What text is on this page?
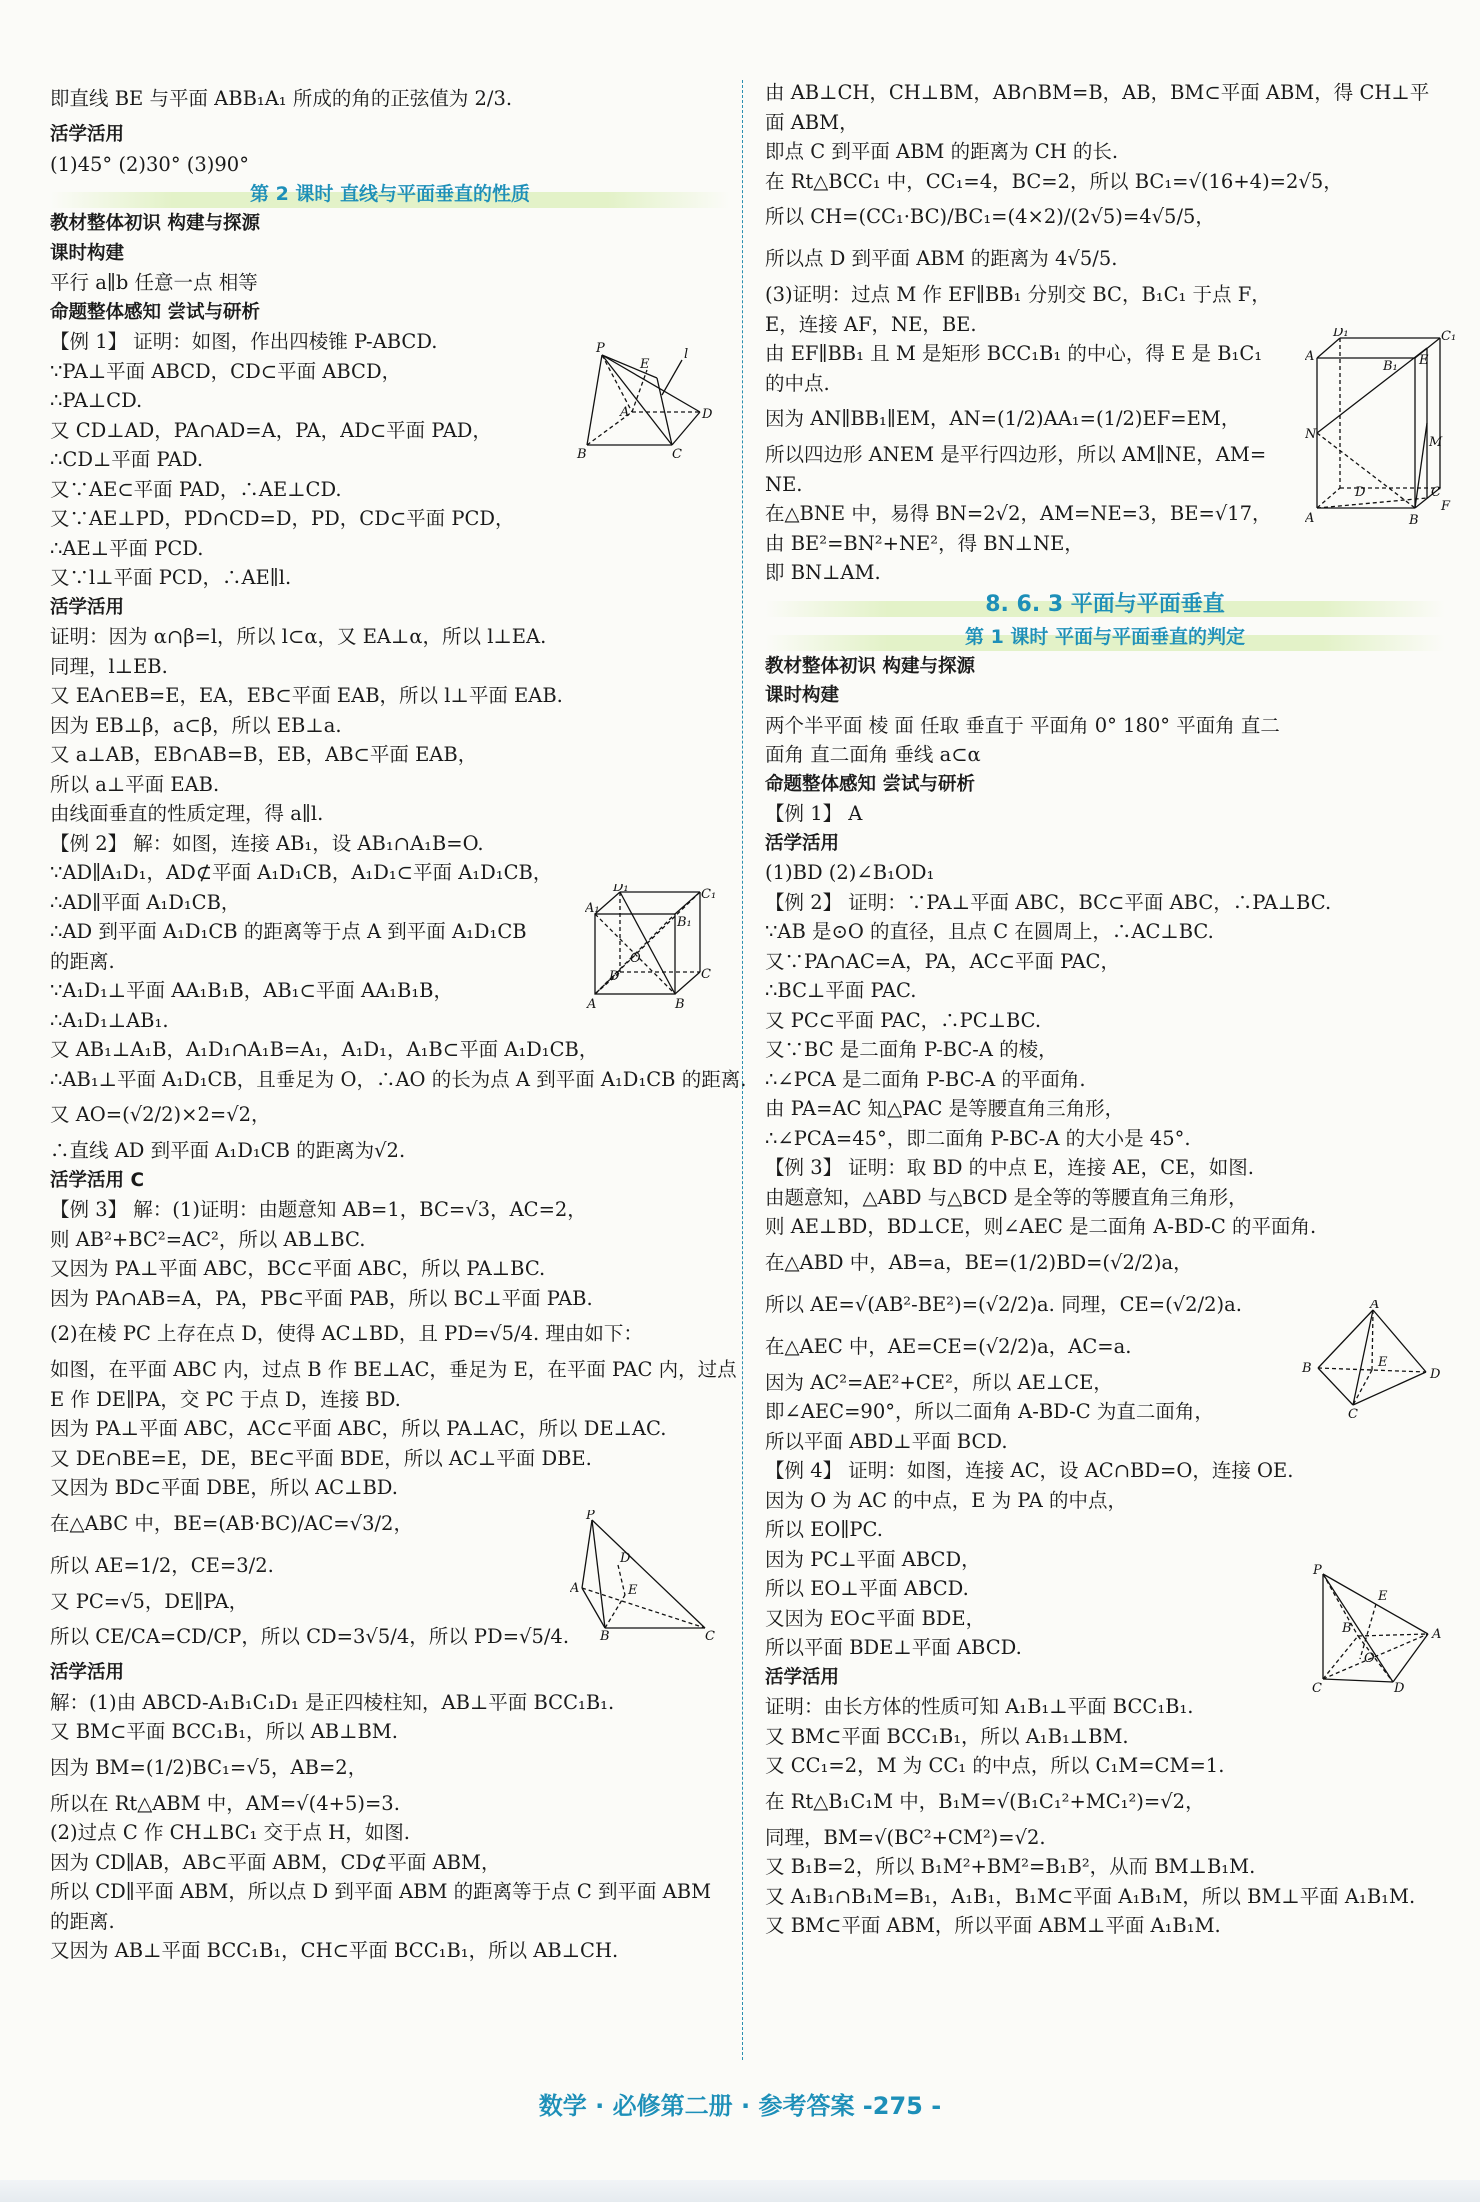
即直线 BE 与平面 ABB₁A₁ 所成的角的正弦值为 2/3.
活学活用
(1)45° (2)30° (3)90°
第 2 课时 直线与平面垂直的性质
教材整体初识 构建与探源
课时构建
平行 a∥b 任意一点 相等
命题整体感知 尝试与研析
【例 1】 证明：如图，作出四棱锥 P-ABCD.
∵PA⊥平面 ABCD，CD⊂平面 ABCD，
∴PA⊥CD.
又 CD⊥AD，PA∩AD=A，PA，AD⊂平面 PAD，
∴CD⊥平面 PAD.
又∵AE⊂平面 PAD，∴AE⊥CD.
又∵AE⊥PD，PD∩CD=D，PD，CD⊂平面 PCD，
∴AE⊥平面 PCD.
又∵l⊥平面 PCD，∴AE∥l.
活学活用
证明：因为 α∩β=l，所以 l⊂α，又 EA⊥α，所以 l⊥EA.
同理，l⊥EB.
又 EA∩EB=E，EA，EB⊂平面 EAB，所以 l⊥平面 EAB.
因为 EB⊥β，a⊂β，所以 EB⊥a.
又 a⊥AB，EB∩AB=B，EB，AB⊂平面 EAB，
所以 a⊥平面 EAB.
由线面垂直的性质定理，得 a∥l.
【例 2】 解：如图，连接 AB₁，设 AB₁∩A₁B=O.
∵AD∥A₁D₁，AD⊄平面 A₁D₁CB，A₁D₁⊂平面 A₁D₁CB，
∴AD∥平面 A₁D₁CB，
∴AD 到平面 A₁D₁CB 的距离等于点 A 到平面 A₁D₁CB
的距离.
∵A₁D₁⊥平面 AA₁B₁B，AB₁⊂平面 AA₁B₁B，
∴A₁D₁⊥AB₁.
又 AB₁⊥A₁B，A₁D₁∩A₁B=A₁，A₁D₁，A₁B⊂平面 A₁D₁CB，
∴AB₁⊥平面 A₁D₁CB，且垂足为 O，∴AO 的长为点 A 到平面 A₁D₁CB 的距离.
又 AO=(√2/2)×2=√2，
∴直线 AD 到平面 A₁D₁CB 的距离为√2.
活学活用 C
【例 3】 解：(1)证明：由题意知 AB=1，BC=√3，AC=2，
则 AB²+BC²=AC²，所以 AB⊥BC.
又因为 PA⊥平面 ABC，BC⊂平面 ABC，所以 PA⊥BC.
因为 PA∩AB=A，PA，PB⊂平面 PAB，所以 BC⊥平面 PAB.
(2)在棱 PC 上存在点 D，使得 AC⊥BD，且 PD=√5/4. 理由如下：
如图，在平面 ABC 内，过点 B 作 BE⊥AC，垂足为 E，在平面 PAC 内，过点
E 作 DE∥PA，交 PC 于点 D，连接 BD.
因为 PA⊥平面 ABC，AC⊂平面 ABC，所以 PA⊥AC，所以 DE⊥AC.
又 DE∩BE=E，DE，BE⊂平面 BDE，所以 AC⊥平面 DBE.
又因为 BD⊂平面 DBE，所以 AC⊥BD.
在△ABC 中，BE=(AB·BC)/AC=√3/2，
所以 AE=1/2，CE=3/2.
又 PC=√5，DE∥PA，
所以 CE/CA=CD/CP，所以 CD=3√5/4，所以 PD=√5/4.
活学活用
解：(1)由 ABCD-A₁B₁C₁D₁ 是正四棱柱知，AB⊥平面 BCC₁B₁.
又 BM⊂平面 BCC₁B₁，所以 AB⊥BM.
因为 BM=(1/2)BC₁=√5，AB=2，
所以在 Rt△ABM 中，AM=√(4+5)=3.
(2)过点 C 作 CH⊥BC₁ 交于点 H，如图.
因为 CD∥AB，AB⊂平面 ABM，CD⊄平面 ABM，
所以 CD∥平面 ABM，所以点 D 到平面 ABM 的距离等于点 C 到平面 ABM
的距离.
又因为 AB⊥平面 BCC₁B₁，CH⊂平面 BCC₁B₁，所以 AB⊥CH.
由 AB⊥CH，CH⊥BM，AB∩BM=B，AB，BM⊂平面 ABM，得 CH⊥平
面 ABM，
即点 C 到平面 ABM 的距离为 CH 的长.
在 Rt△BCC₁ 中，CC₁=4，BC=2，所以 BC₁=√(16+4)=2√5，
所以 CH=(CC₁·BC)/BC₁=(4×2)/(2√5)=4√5/5，
所以点 D 到平面 ABM 的距离为 4√5/5.
(3)证明：过点 M 作 EF∥BB₁ 分别交 BC，B₁C₁ 于点 F，
E，连接 AF，NE，BE.
由 EF∥BB₁ 且 M 是矩形 BCC₁B₁ 的中心，得 E 是 B₁C₁
的中点.
因为 AN∥BB₁∥EM，AN=(1/2)AA₁=(1/2)EF=EM，
所以四边形 ANEM 是平行四边形，所以 AM∥NE，AM=
NE.
在△BNE 中，易得 BN=2√2，AM=NE=3，BE=√17，
由 BE²=BN²+NE²，得 BN⊥NE，
即 BN⊥AM.
8. 6. 3 平面与平面垂直
第 1 课时 平面与平面垂直的判定
教材整体初识 构建与探源
课时构建
两个半平面 棱 面 任取 垂直于 平面角 0° 180° 平面角 直二
面角 直二面角 垂线 a⊂α
命题整体感知 尝试与研析
【例 1】 A
活学活用
(1)BD (2)∠B₁OD₁
【例 2】 证明：∵PA⊥平面 ABC，BC⊂平面 ABC，∴PA⊥BC.
∵AB 是⊙O 的直径，且点 C 在圆周上，∴AC⊥BC.
又∵PA∩AC=A，PA，AC⊂平面 PAC，
∴BC⊥平面 PAC.
又 PC⊂平面 PAC，∴PC⊥BC.
又∵BC 是二面角 P-BC-A 的棱，
∴∠PCA 是二面角 P-BC-A 的平面角.
由 PA=AC 知△PAC 是等腰直角三角形，
∴∠PCA=45°，即二面角 P-BC-A 的大小是 45°.
【例 3】 证明：取 BD 的中点 E，连接 AE，CE，如图.
由题意知，△ABD 与△BCD 是全等的等腰直角三角形，
则 AE⊥BD，BD⊥CE，则∠AEC 是二面角 A-BD-C 的平面角.
在△ABD 中，AB=a，BE=(1/2)BD=(√2/2)a，
所以 AE=√(AB²-BE²)=(√2/2)a. 同理，CE=(√2/2)a.
在△AEC 中，AE=CE=(√2/2)a，AC=a.
因为 AC²=AE²+CE²，所以 AE⊥CE，
即∠AEC=90°，所以二面角 A-BD-C 为直二面角，
所以平面 ABD⊥平面 BCD.
【例 4】 证明：如图，连接 AC，设 AC∩BD=O，连接 OE.
因为 O 为 AC 的中点，E 为 PA 的中点，
所以 EO∥PC.
因为 PC⊥平面 ABCD，
所以 EO⊥平面 ABCD.
又因为 EO⊂平面 BDE，
所以平面 BDE⊥平面 ABCD.
活学活用
证明：由长方体的性质可知 A₁B₁⊥平面 BCC₁B₁.
又 BM⊂平面 BCC₁B₁，所以 A₁B₁⊥BM.
又 CC₁=2，M 为 CC₁ 的中点，所以 C₁M=CM=1.
在 Rt△B₁C₁M 中，B₁M=√(B₁C₁²+MC₁²)=√2，
同理，BM=√(BC²+CM²)=√2.
又 B₁B=2，所以 B₁M²+BM²=B₁B²，从而 BM⊥B₁M.
又 A₁B₁∩B₁M=B₁，A₁B₁，B₁M⊂平面 A₁B₁M，所以 BM⊥平面 A₁B₁M.
又 BM⊂平面 ABM，所以平面 ABM⊥平面 A₁B₁M.
P
E
l
A	D
B	C
D₁	C₁
A₁
B₁
O
D	C
A	B
P
D
A	E
B	C
D₁	C₁
A
B₁ E
N
M
D	C
F
A	B
A
B	E
D
C
P
E
A
B
O
C	D
数学 · 必修第二册 · 参考答案 -275 -
